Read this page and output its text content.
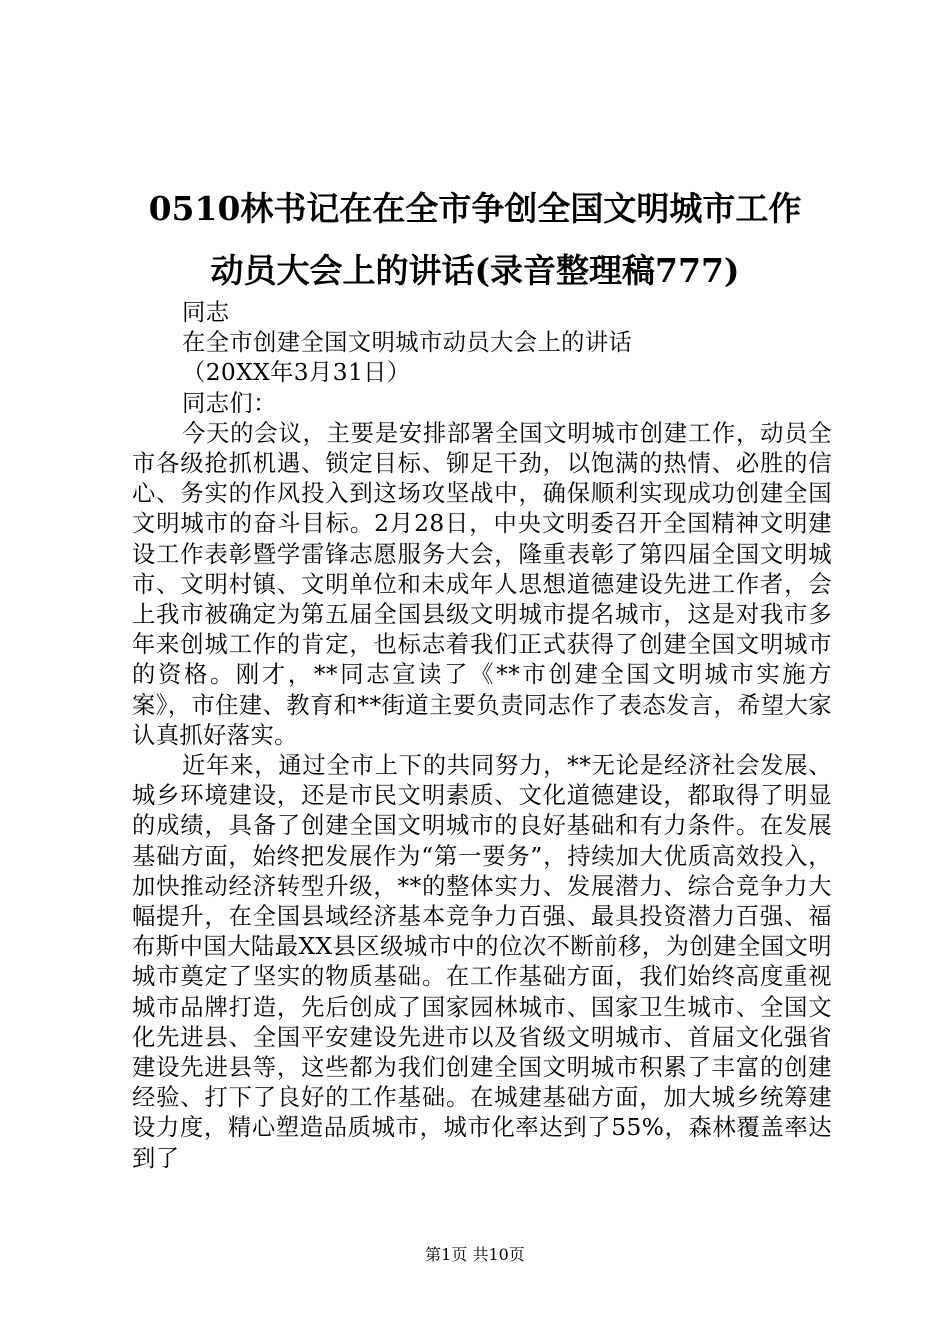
0510林书记在在全市争创全国文明城市工作
动员大会上的讲话(录音整理稿777)

同志

在全市创建全国文明城市动员大会上的讲话

（20XX年3月31日）

同志们：

今天的会议，主要是安排部署全国文明城市创建工作，动员全市各级抢抓机遇、锁定目标、铆足干劲，以饱满的热情、必胜的信心、务实的作风投入到这场攻坚战中，确保顺利实现成功创建全国文明城市的奋斗目标。2月28日，中央文明委召开全国精神文明建设工作表彰暨学雷锋志愿服务大会，隆重表彰了第四届全国文明城市、文明村镇、文明单位和未成年人思想道德建设先进工作者，会上我市被确定为第五届全国县级文明城市提名城市，这是对我市多年来创城工作的肯定，也标志着我们正式获得了创建全国文明城市的资格。刚才，**同志宣读了《**市创建全国文明城市实施方案》，市住建、教育和**街道主要负责同志作了表态发言，希望大家认真抓好落实。

近年来，通过全市上下的共同努力，**无论是经济社会发展、城乡环境建设，还是市民文明素质、文化道德建设，都取得了明显的成绩，具备了创建全国文明城市的良好基础和有力条件。在发展基础方面，始终把发展作为“第一要务”，持续加大优质高效投入，加快推动经济转型升级，**的整体实力、发展潜力、综合竞争力大幅提升，在全国县域经济基本竞争力百强、最具投资潜力百强、福布斯中国大陆最XX县区级城市中的位次不断前移，为创建全国文明城市奠定了坚实的物质基础。在工作基础方面，我们始终高度重视城市品牌打造，先后创成了国家园林城市、国家卫生城市、全国文化先进县、全国平安建设先进市以及省级文明城市、首届文化强省建设先进县等，这些都为我们创建全国文明城市积累了丰富的创建经验、打下了良好的工作基础。在城建基础方面，加大城乡统筹建设力度，精心塑造品质城市，城市化率达到了55%，森林覆盖率达到了

第1页 共10页
